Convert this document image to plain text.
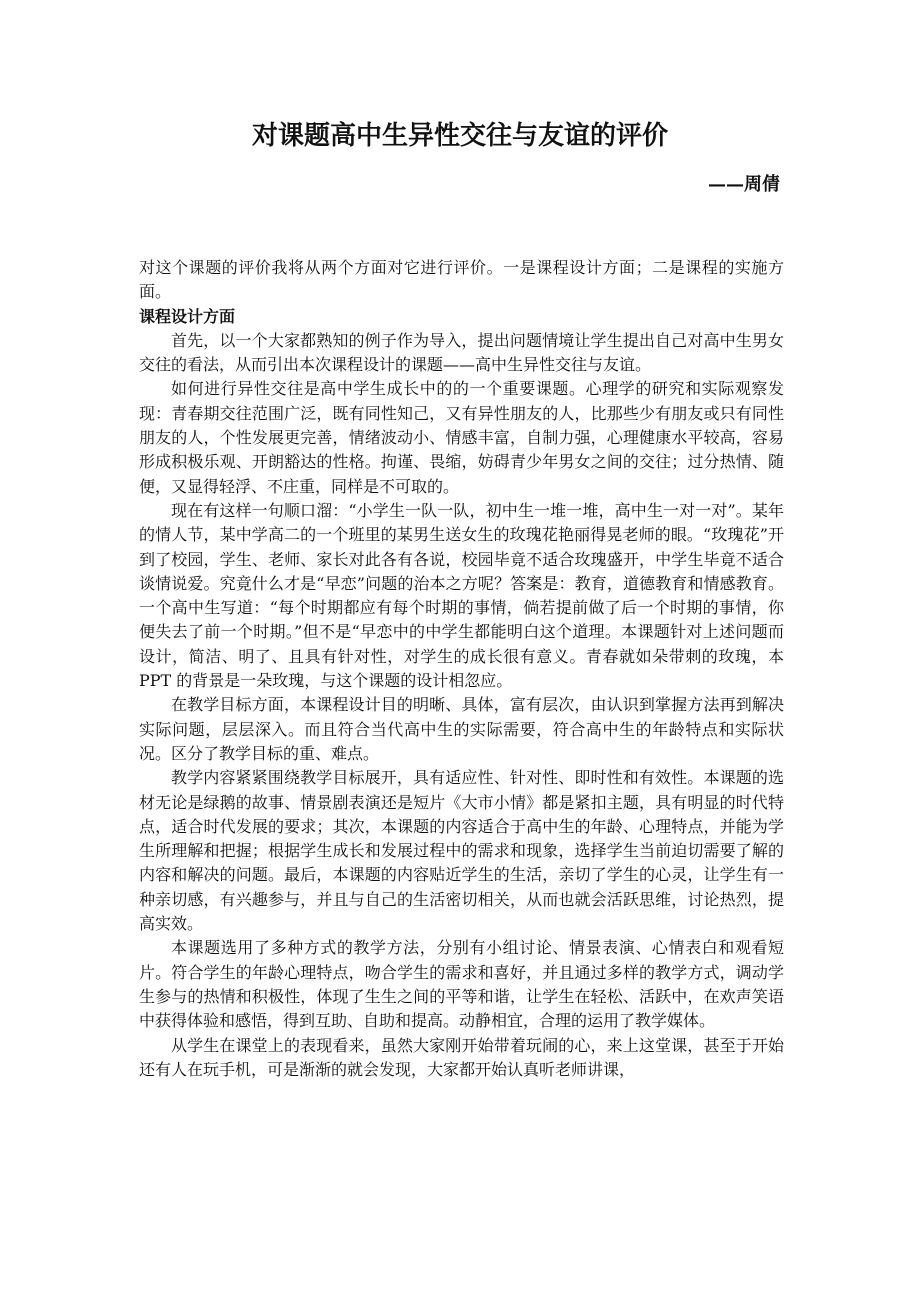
对课题高中生异性交往与友谊的评价
——周倩

对这个课题的评价我将从两个方面对它进行评价。一是课程设计方面；二是课程的实施方面。

课程设计方面

首先，以一个大家都熟知的例子作为导入，提出问题情境让学生提出自己对高中生男女交往的看法，从而引出本次课程设计的课题——高中生异性交往与友谊。

如何进行异性交往是高中学生成长中的的一个重要课题。心理学的研究和实际观察发现：青春期交往范围广泛，既有同性知己，又有异性朋友的人，比那些少有朋友或只有同性朋友的人，个性发展更完善，情绪波动小、情感丰富，自制力强，心理健康水平较高，容易形成积极乐观、开朗豁达的性格。拘谨、畏缩，妨碍青少年男女之间的交往；过分热情、随便，又显得轻浮、不庄重，同样是不可取的。

现在有这样一句顺口溜：“小学生一队一队，初中生一堆一堆，高中生一对一对”。某年的情人节，某中学高二的一个班里的某男生送女生的玫瑰花艳丽得晃老师的眼。“玫瑰花”开到了校园，学生、老师、家长对此各有各说，校园毕竟不适合玫瑰盛开，中学生毕竟不适合谈情说爱。究竟什么才是“早恋”问题的治本之方呢？答案是：教育，道德教育和情感教育。一个高中生写道：“每个时期都应有每个时期的事情，倘若提前做了后一个时期的事情，你便失去了前一个时期。”但不是“早恋中的中学生都能明白这个道理。本课题针对上述问题而设计，简洁、明了、且具有针对性，对学生的成长很有意义。青春就如朵带刺的玫瑰，本 PPT 的背景是一朵玫瑰，与这个课题的设计相忽应。

在教学目标方面，本课程设计目的明晰、具体，富有层次，由认识到掌握方法再到解决实际问题，层层深入。而且符合当代高中生的实际需要，符合高中生的年龄特点和实际状况。区分了教学目标的重、难点。

教学内容紧紧围绕教学目标展开，具有适应性、针对性、即时性和有效性。本课题的选材无论是绿鹅的故事、情景剧表演还是短片《大市小情》都是紧扣主题，具有明显的时代特点，适合时代发展的要求；其次，本课题的内容适合于高中生的年龄、心理特点，并能为学生所理解和把握；根据学生成长和发展过程中的需求和现象，选择学生当前迫切需要了解的内容和解决的问题。最后，本课题的内容贴近学生的生活，亲切了学生的心灵，让学生有一种亲切感，有兴趣参与，并且与自己的生活密切相关，从而也就会活跃思维，讨论热烈，提高实效。

本课题选用了多种方式的教学方法，分别有小组讨论、情景表演、心情表白和观看短片。符合学生的年龄心理特点，吻合学生的需求和喜好，并且通过多样的教学方式，调动学生参与的热情和积极性，体现了生生之间的平等和谐，让学生在轻松、活跃中，在欢声笑语中获得体验和感悟，得到互助、自助和提高。动静相宜，合理的运用了教学媒体。

从学生在课堂上的表现看来，虽然大家刚开始带着玩闹的心，来上这堂课，甚至于开始还有人在玩手机，可是渐渐的就会发现，大家都开始认真听老师讲课，
